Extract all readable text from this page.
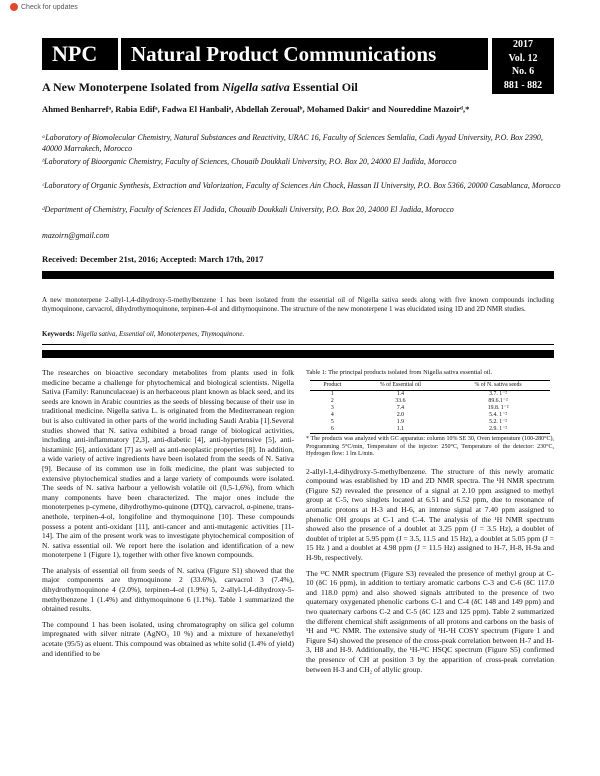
Check for updates
NPC	Natural Product Communications	2017
Vol. 12
No. 6
881 - 882
A New Monoterpene Isolated from Nigella sativa Essential Oil
Ahmed Benharrefᵃ, Rabia Edifᵃ, Fadwa El Hanbaliᵃ, Abdellah Zeroualᵇ, Mohamed Dakirᶜ and Noureddine Mazoirᵈ,*
ᵃLaboratory of Biomolecular Chemistry, Natural Substances and Reactivity, URAC 16, Faculty of Sciences Semlalia, Cadi Ayyad University, P.O. Box 2390, 40000 Marrakech, Morocco
ᵇLaboratory of Bioorganic Chemistry, Faculty of Sciences, Chouaib Doukkali University, P.O. Box 20, 24000 El Jadida, Morocco
ᶜLaboratory of Organic Synthesis, Extraction and Valorization, Faculty of Sciences Ain Chock, Hassan II University, P.O. Box 5366, 20000 Casablanca, Morocco
ᵈDepartment of Chemistry, Faculty of Sciences El Jadida, Chouaib Doukkali University, P.O. Box 20, 24000 El Jadida, Morocco
mazoirn@gmail.com
Received: December 21st, 2016; Accepted: March 17th, 2017
A new monoterpene 2-allyl-1,4-dihydroxy-5-methylbenzene 1 has been isolated from the essential oil of Nigella sativa seeds along with five known compounds including thymoquinone, carvacrol, dihydrothymoquinone, terpinen-4-ol and dithymoquinone. The structure of the new monoterpene 1 was elucidated using 1D and 2D NMR studies.
Keywords: Nigella sativa, Essential oil, Monoterpenes, Thymoquinone.

The researches on bioactive secondary metabolites from plants used in folk medicine became a challenge for phytochemical and biological scientists. Nigella Sativa (Family: Ranunculaceae) is an herbaceous plant known as black seed, and its seeds are known in Arabic countries as the seeds of blessing because of their use in traditional medicine. Nigella sativa L. is originated from the Mediterranean region but is also cultivated in other parts of the world including Saudi Arabia [1].Several studies showed that N. sativa exhibited a broad range of biological activities, including anti-inflammatory [2,3], anti-diabetic [4], anti-hypertensive [5], anti-histaminic [6], antioxidant [7] as well as anti-neoplastic properties [8]. In addition, a wide variety of active ingredients have been isolated from the seeds of N. Sativa [9]. Because of its common use in folk medicine, the plant was subjected to extensive phytochemical studies and a large variety of compounds were isolated. The seeds of N. sativa harbour a yellowish volatile oil (0,5-1,6%), from which many components have been characterized. The major ones include the monoterpenes p-cymene, dihydrothymo-quinone (DTQ), carvacrol, α-pinene, trans-anethole, terpinen-4-ol, longifoline and thymoquinone [10]. These compounds possess a potent anti-oxidant [11], anti-cancer and anti-mutagenic activities [11-14]. The aim of the present work was to investigate phytochemical composition of N. sativa essential oil. We report here the isolation and identification of a new monoterpene 1 (Figure 1), together with other five known compounds.

The analysis of essential oil from seeds of N. sativa (Figure S1) showed that the major components are thymoquinone 2 (33.6%), carvacrol 3 (7.4%), dihydrothymoquinone 4 (2.0%), terpinen-4-ol (1.9%) 5, 2-allyl-1,4-dihydroxy-5-methylbenzene 1 (1.4%) and dithymoquinone 6 (1.1%). Table 1 summarized the obtained results.

The compound 1 has been isolated, using chromatography on silica gel column impregnated with silver nitrate (AgNO₃ 10 %) and a mixture of hexane/ethyl acetate (95/5) as eluent. This compound was obtained as white solid (1.4% of yield) and identified to be

Table 1: The principal products isolated from Nigella sativa essential oil.
Product	% of Essential oil	% of N. sativa seeds
1	1.4	3.7. 1⁻²
2	33.6	89.6.1⁻²
3	7.4	19.8. 1⁻²
4	2.0	5.4. 1⁻²
5	1.9	5.2. 1⁻²
6	1.1	2.9. 1⁻²
* The products was analyzed with GC apparatus: column 10% SE 30, Oven temperature (100-280°C), Programming 5°C/min, Temperature of the injector: 250°C, Temperature of the detector: 230°C, Hydrogen flow: 1 lm L/min.

2-allyl-1,4-dihydroxy-5-methylbenzene. The structure of this newly aromatic compound was established by 1D and 2D NMR spectra. The ¹H NMR spectrum (Figure S2) revealed the presence of a signal at 2.10 ppm assigned to methyl group at C-5, two singlets located at 6.51 and 6.52 ppm, due to resonance of aromatic protons at H-3 and H-6, an intense signal at 7.40 ppm assigned to phenolic OH groups at C-1 and C-4. The analysis of the ¹H NMR spectrum showed also the presence of a doublet at 3.25 ppm (J = 3.5 Hz), a doublet of doublet of triplet at 5.95 ppm (J = 3.5, 11.5 and 15 Hz), a doublet at 5.05 ppm (J = 15 Hz ) and a doublet at 4.98 ppm (J = 11.5 Hz) assigned to H-7, H-8, H-9a and H-9b, respectively.

The ¹³C NMR spectrum (Figure S3) revealed the presence of methyl group at C-10 (δC 16 ppm), in addition to tertiary aromatic carbons C-3 and C-6 (δC 117.0 and 118.0 ppm) and also showed signals attributed to the presence of two quaternary oxygenated phenolic carbons C-1 and C-4 (δC 148 and 149 ppm) and two quaternary carbons C-2 and C-5 (δC 123 and 125 ppm). Table 2 summarized the different chemical shift assignments of all protons and carbons on the basis of ¹H and ¹³C NMR. The extensive study of ¹H-¹H COSY spectrum (Figure 1 and Figure S4) showed the presence of the cross-peak correlation between H-7 and H-3, H8 and H-9. Additionally, the ¹H-¹³C HSQC spectrum (Figure S5) confirmed the presence of CH at position 3 by the apparition of cross-peak correlation between H-3 and CH₂ of allylic group.
